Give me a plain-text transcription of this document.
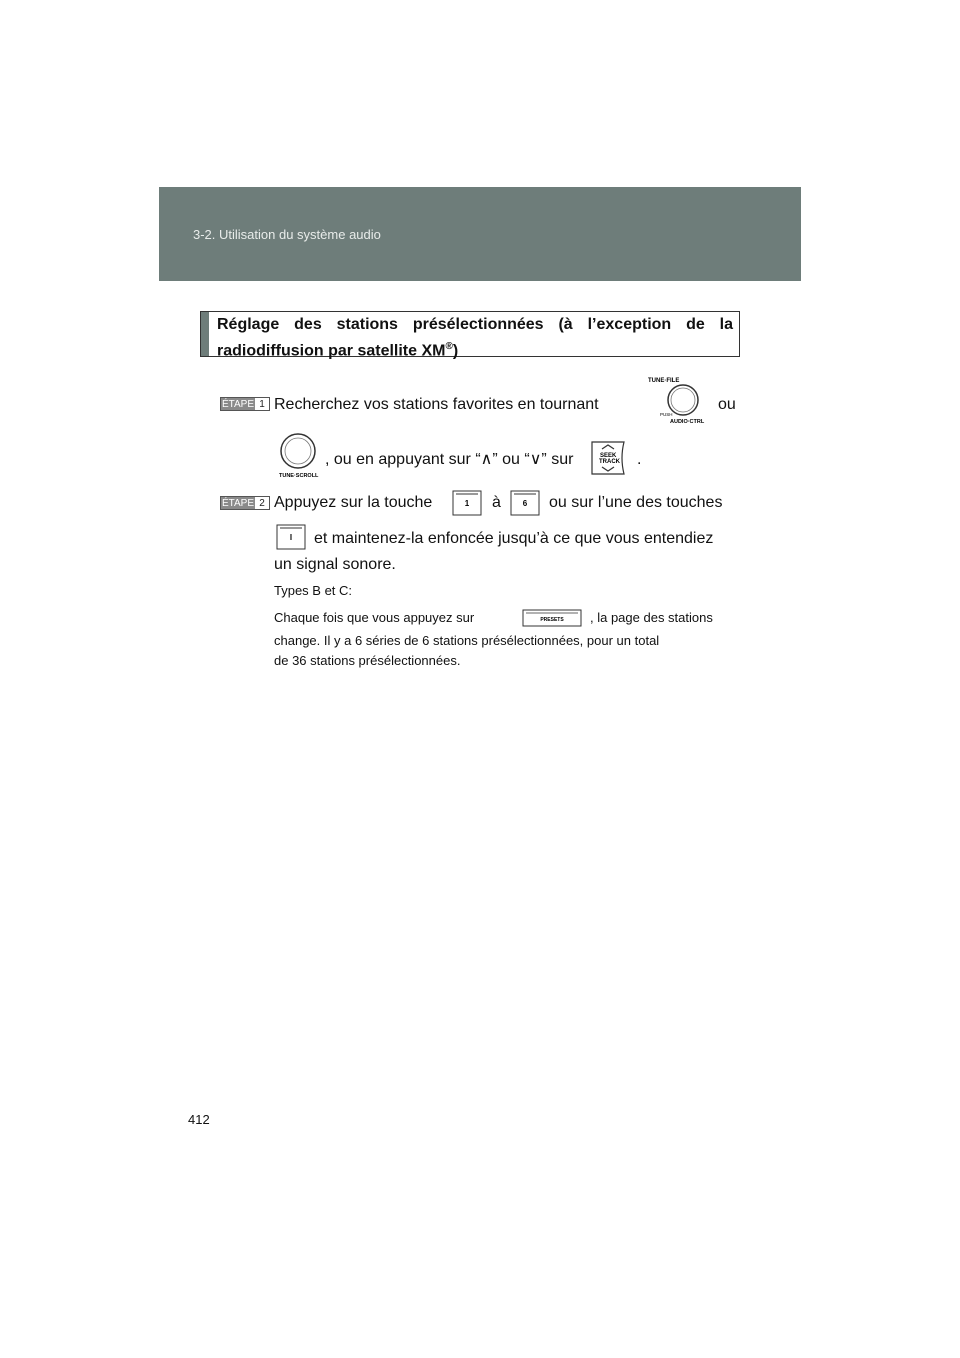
3-2. Utilisation du système audio
Réglage des stations présélectionnées (à l’exception de la
radiodiffusion par satellite XM®)
ÉTAPE 1 Recherchez vos stations favorites en tournant
TUNE·FILE
PUSH
AUDIO·CTRL
ou
TUNE·SCROLL
, ou en appuyant sur “∧” ou “∨” sur	SEEK
TRACK .
ÉTAPE 2 Appuyez sur la touche	1 à	6 ou sur l’une des touches
l et maintenez-la enfoncée jusqu’à ce que vous entendiez
un signal sonore.
Types B et C:
Chaque fois que vous appuyez sur	PRESETS , la page des stations
change. Il y a 6 séries de 6 stations présélectionnées, pour un total
de 36 stations présélectionnées.
412
